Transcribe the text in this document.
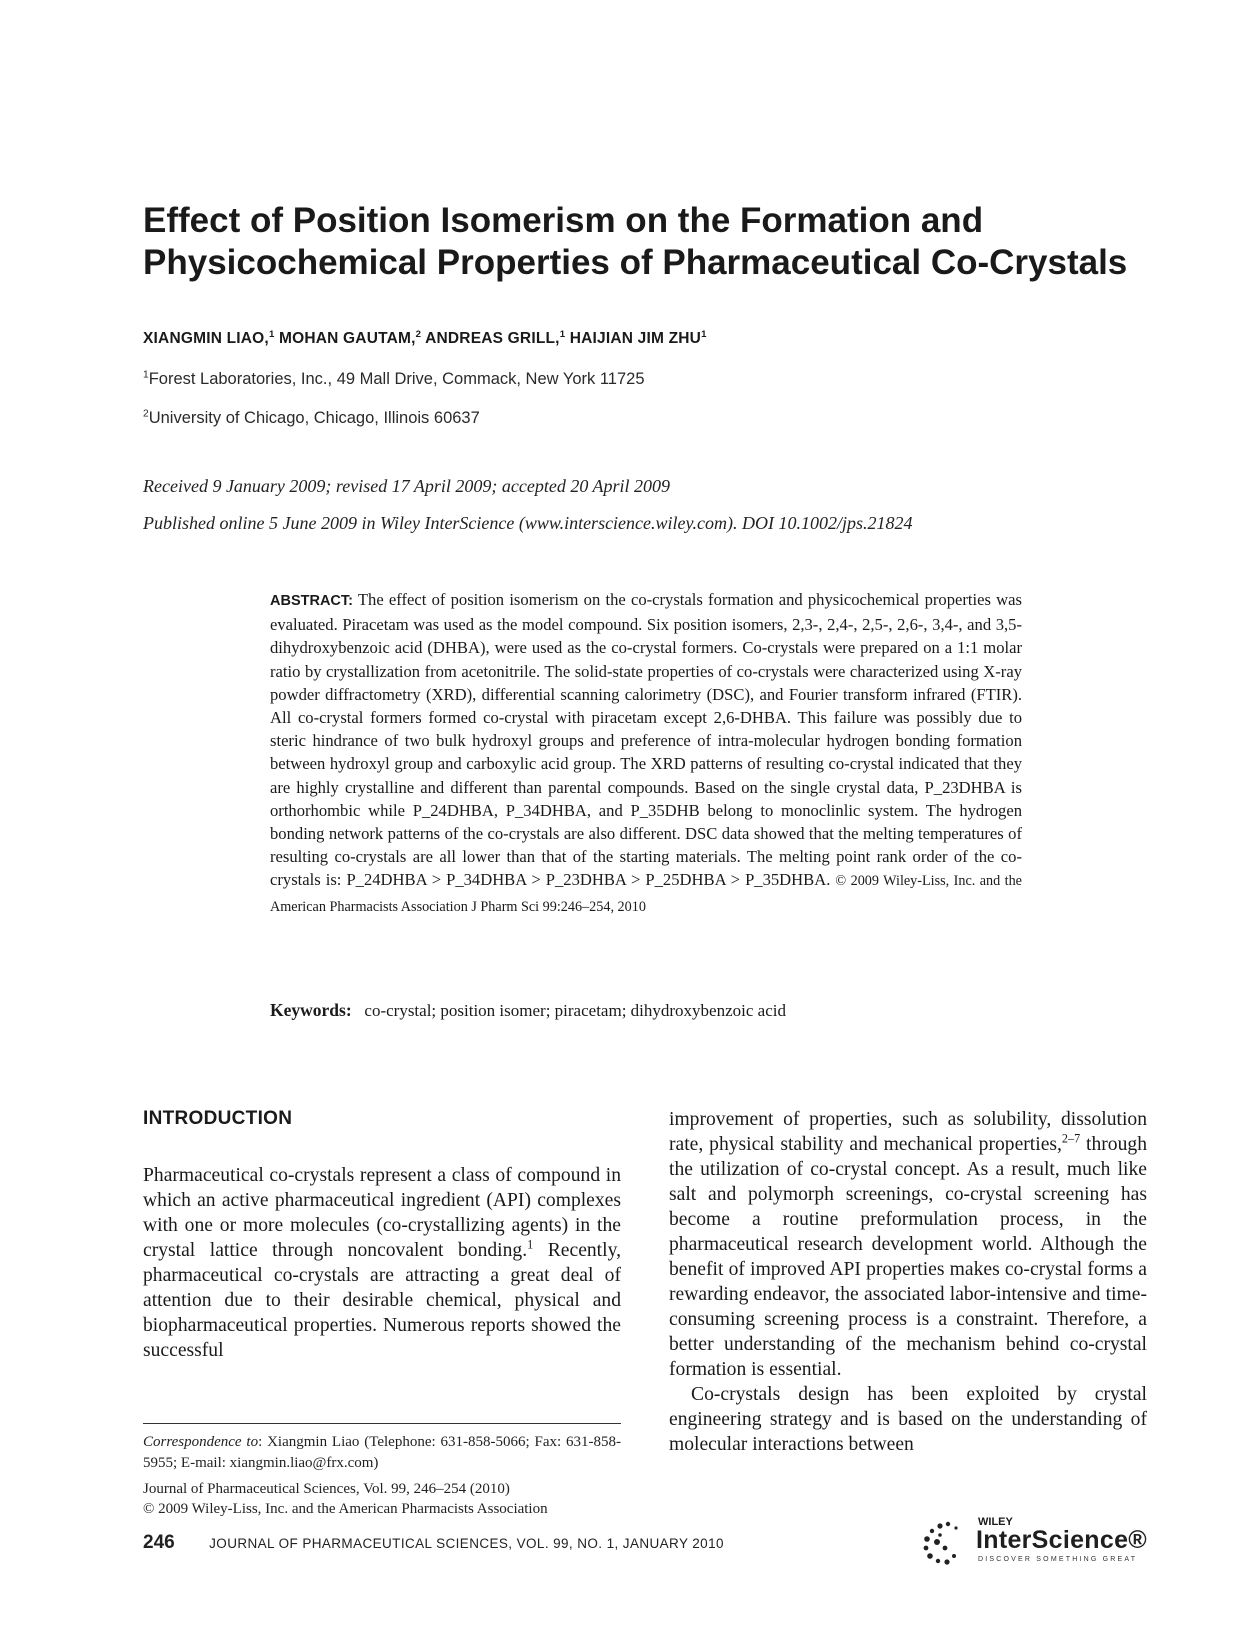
Effect of Position Isomerism on the Formation and Physicochemical Properties of Pharmaceutical Co-Crystals
XIANGMIN LIAO,$^1$ MOHAN GAUTAM,$^2$ ANDREAS GRILL,$^1$ HAIJIAN JIM ZHU$^1$
$^1$Forest Laboratories, Inc., 49 Mall Drive, Commack, New York 11725
$^2$University of Chicago, Chicago, Illinois 60637
Received 9 January 2009; revised 17 April 2009; accepted 20 April 2009
Published online 5 June 2009 in Wiley InterScience (www.interscience.wiley.com). DOI 10.1002/jps.21824
ABSTRACT: The effect of position isomerism on the co-crystals formation and physicochemical properties was evaluated. Piracetam was used as the model compound. Six position isomers, 2,3-, 2,4-, 2,5-, 2,6-, 3,4-, and 3,5-dihydroxybenzoic acid (DHBA), were used as the co-crystal formers. Co-crystals were prepared on a 1:1 molar ratio by crystallization from acetonitrile. The solid-state properties of co-crystals were characterized using X-ray powder diffractometry (XRD), differential scanning calorimetry (DSC), and Fourier transform infrared (FTIR). All co-crystal formers formed co-crystal with piracetam except 2,6-DHBA. This failure was possibly due to steric hindrance of two bulk hydroxyl groups and preference of intra-molecular hydrogen bonding formation between hydroxyl group and carboxylic acid group. The XRD patterns of resulting co-crystal indicated that they are highly crystalline and different than parental compounds. Based on the single crystal data, P_23DHBA is orthorhombic while P_24DHBA, P_34DHBA, and P_35DHB belong to monoclinlic system. The hydrogen bonding network patterns of the co-crystals are also different. DSC data showed that the melting temperatures of resulting co-crystals are all lower than that of the starting materials. The melting point rank order of the co-crystals is: P_24DHBA > P_34DHBA > P_23DHBA > P_25DHBA > P_35DHBA. © 2009 Wiley-Liss, Inc. and the American Pharmacists Association J Pharm Sci 99:246–254, 2010
Keywords: co-crystal; position isomer; piracetam; dihydroxybenzoic acid
INTRODUCTION

Pharmaceutical co-crystals represent a class of compound in which an active pharmaceutical ingredient (API) complexes with one or more molecules (co-crystallizing agents) in the crystal lattice through noncovalent bonding.$^1$ Recently, pharmaceutical co-crystals are attracting a great deal of attention due to their desirable chemical, physical and biopharmaceutical properties. Numerous reports showed the successful

improvement of properties, such as solubility, dissolution rate, physical stability and mechanical properties,$^{2-7}$ through the utilization of co-crystal concept. As a result, much like salt and polymorph screenings, co-crystal screening has become a routine preformulation process, in the pharmaceutical research development world. Although the benefit of improved API properties makes co-crystal forms a rewarding endeavor, the associated labor-intensive and time-consuming screening process is a constraint. Therefore, a better understanding of the mechanism behind co-crystal formation is essential.

Co-crystals design has been exploited by crystal engineering strategy and is based on the understanding of molecular interactions between

Correspondence to: Xiangmin Liao (Telephone: 631-858-5066; Fax: 631-858-5955; E-mail: xiangmin.liao@frx.com)
Journal of Pharmaceutical Sciences, Vol. 99, 246–254 (2010)
© 2009 Wiley-Liss, Inc. and the American Pharmacists Association
246	JOURNAL OF PHARMACEUTICAL SCIENCES, VOL. 99, NO. 1, JANUARY 2010
WILEY
InterScience®
DISCOVER SOMETHING GREAT
